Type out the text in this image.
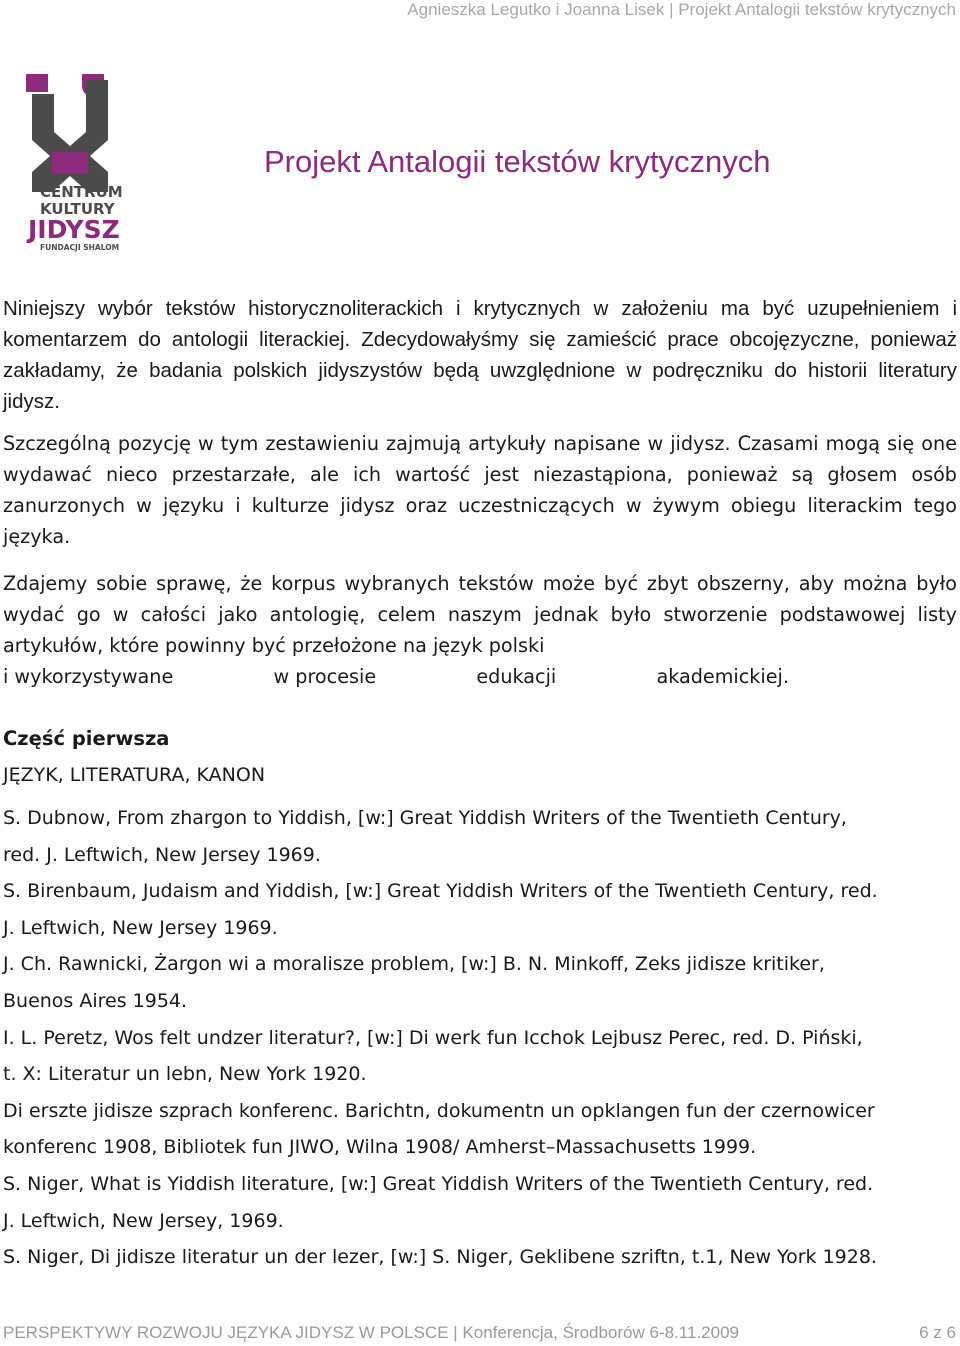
Agnieszka Legutko i Joanna Lisek | Projekt Antalogii tekstów krytycznych
CENTRUM
KULTURY
JIDYSZ
FUNDACJI SHALOM
Projekt Antalogii tekstów krytycznych

Niniejszy wybór tekstów historycznoliterackich i krytycznych w założeniu ma być uzupełnieniem i komentarzem do antologii literackiej. Zdecydowałyśmy się zamieścić prace obcojęzyczne, ponieważ zakładamy, że badania polskich jidyszystów będą uwzględnione w podręczniku do historii literatury jidysz.

Szczególną pozycję w tym zestawieniu zajmują artykuły napisane w jidysz. Czasami mogą się one wydawać nieco przestarzałe, ale ich wartość jest niezastąpiona, ponieważ są głosem osób zanurzonych w języku i kulturze jidysz oraz uczestniczących w żywym obiegu literackim tego języka.

Zdajemy sobie sprawę, że korpus wybranych tekstów może być zbyt obszerny, aby można było wydać go w całości jako antologię, celem naszym jednak było stworzenie podstawowej listy artykułów, które powinny być przełożone na język polski
i wykorzystywane	w procesie	edukacji	akademickiej.

Część pierwsza
JĘZYK, LITERATURA, KANON
S. Dubnow, From zhargon to Yiddish, [w:] Great Yiddish Writers of the Twentieth Century,
red. J. Leftwich, New Jersey 1969.
S. Birenbaum, Judaism and Yiddish, [w:] Great Yiddish Writers of the Twentieth Century, red.
J. Leftwich, New Jersey 1969.
J. Ch. Rawnicki, Żargon wi a moralisze problem, [w:] B. N. Minkoff, Zeks jidisze kritiker,
Buenos Aires 1954.
I. L. Peretz, Wos felt undzer literatur?, [w:] Di werk fun Icchok Lejbusz Perec, red. D. Piński,
t. X: Literatur un lebn, New York 1920.
Di erszte jidisze szprach konferenc. Barichtn, dokumentn un opklangen fun der czernowicer
konferenc 1908, Bibliotek fun JIWO, Wilna 1908/ Amherst–Massachusetts 1999.
S. Niger, What is Yiddish literature, [w:] Great Yiddish Writers of the Twentieth Century, red.
J. Leftwich, New Jersey, 1969.
S. Niger, Di jidisze literatur un der lezer, [w:] S. Niger, Geklibene szriftn, t.1, New York 1928.
PERSPEKTYWY ROZWOJU JĘZYKA JIDYSZ W POLSCE | Konferencja, Środborów 6-8.11.2009	6 z 6
